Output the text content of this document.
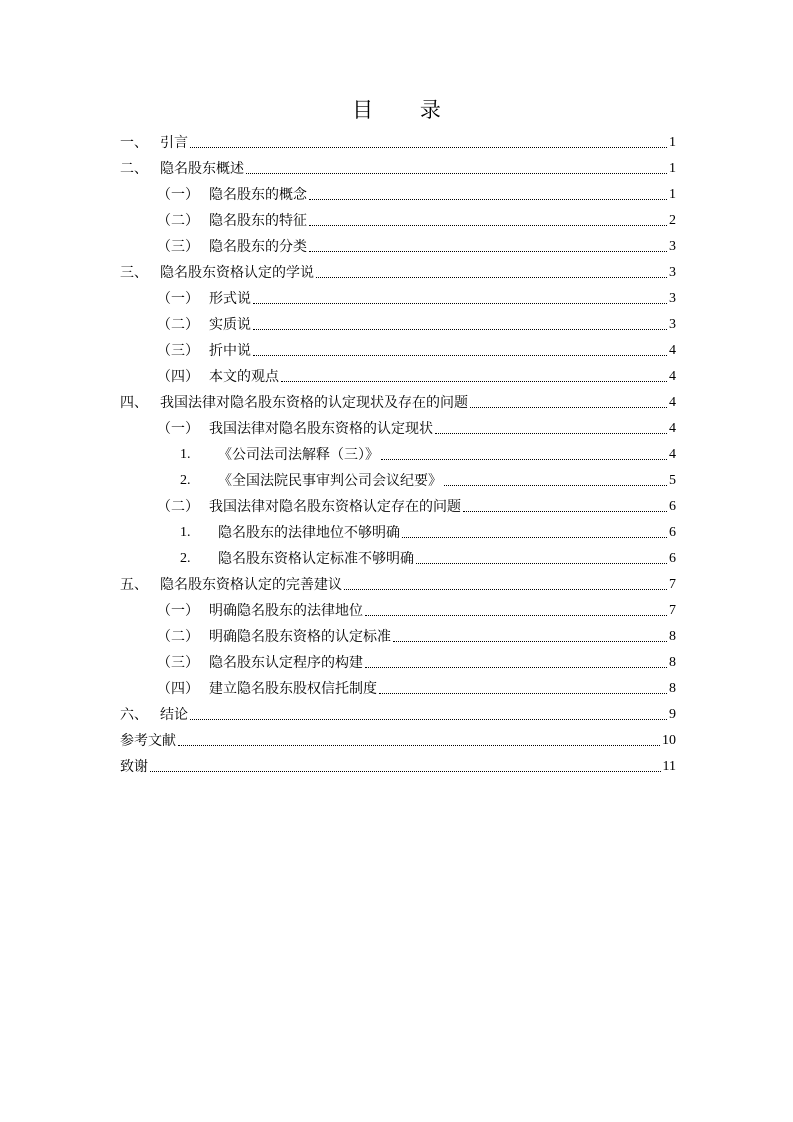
目 录
一、 引言	1
二、 隐名股东概述	1
（一） 隐名股东的概念	1
（二） 隐名股东的特征	2
（三） 隐名股东的分类	3
三、 隐名股东资格认定的学说	3
（一） 形式说	3
（二） 实质说	3
（三） 折中说	4
（四） 本文的观点	4
四、 我国法律对隐名股东资格的认定现状及存在的问题	4
（一） 我国法律对隐名股东资格的认定现状	4
1.	《公司法司法解释（三）》	4
2.	《全国法院民事审判公司会议纪要》	5
（二） 我国法律对隐名股东资格认定存在的问题	6
1.	隐名股东的法律地位不够明确	6
2.	隐名股东资格认定标准不够明确	6
五、 隐名股东资格认定的完善建议	7
（一） 明确隐名股东的法律地位	7
（二） 明确隐名股东资格的认定标准	8
（三） 隐名股东认定程序的构建	8
（四） 建立隐名股东股权信托制度	8
六、 结论	9
参考文献	10
致谢	11
